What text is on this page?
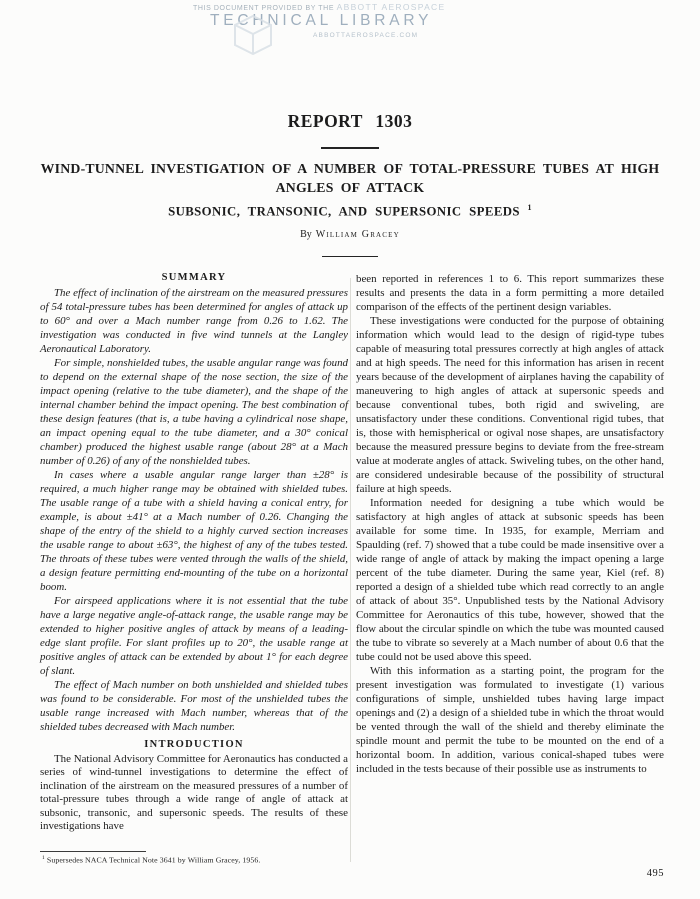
THIS DOCUMENT PROVIDED BY THE ABBOTT AEROSPACE
TECHNICAL LIBRARY
ABBOTTAEROSPACE.COM
REPORT 1303
WIND-TUNNEL INVESTIGATION OF A NUMBER OF TOTAL-PRESSURE TUBES AT HIGH
ANGLES OF ATTACK
SUBSONIC, TRANSONIC, AND SUPERSONIC SPEEDS $^1$
By William Gracey
SUMMARY

The effect of inclination of the airstream on the measured pressures of 54 total-pressure tubes has been determined for angles of attack up to 60° and over a Mach number range from 0.26 to 1.62. The investigation was conducted in five wind tunnels at the Langley Aeronautical Laboratory.

For simple, nonshielded tubes, the usable angular range was found to depend on the external shape of the nose section, the size of the impact opening (relative to the tube diameter), and the shape of the internal chamber behind the impact opening. The best combination of these design features (that is, a tube having a cylindrical nose shape, an impact opening equal to the tube diameter, and a 30° conical chamber) produced the highest usable range (about 28° at a Mach number of 0.26) of any of the nonshielded tubes.

In cases where a usable angular range larger than ±28° is required, a much higher range may be obtained with shielded tubes. The usable range of a tube with a shield having a conical entry, for example, is about ±41° at a Mach number of 0.26. Changing the shape of the entry of the shield to a highly curved section increases the usable range to about ±63°, the highest of any of the tubes tested. The throats of these tubes were vented through the walls of the shield, a design feature permitting end-mounting of the tube on a horizontal boom.

For airspeed applications where it is not essential that the tube have a large negative angle-of-attack range, the usable range may be extended to higher positive angles of attack by means of a leading-edge slant profile. For slant profiles up to 20°, the usable range at positive angles of attack can be extended by about 1° for each degree of slant.

The effect of Mach number on both unshielded and shielded tubes was found to be considerable. For most of the unshielded tubes the usable range increased with Mach number, whereas that of the shielded tubes decreased with Mach number.

INTRODUCTION

The National Advisory Committee for Aeronautics has conducted a series of wind-tunnel investigations to determine the effect of inclination of the airstream on the measured pressures of a number of total-pressure tubes through a wide range of angle of attack at subsonic, transonic, and supersonic speeds. The results of these investigations have

been reported in references 1 to 6. This report summarizes these results and presents the data in a form permitting a more detailed comparison of the effects of the pertinent design variables.

These investigations were conducted for the purpose of obtaining information which would lead to the design of rigid-type tubes capable of measuring total pressures correctly at high angles of attack and at high speeds. The need for this information has arisen in recent years because of the development of airplanes having the capability of maneuvering to high angles of attack at supersonic speeds and because conventional tubes, both rigid and swiveling, are unsatisfactory under these conditions. Conventional rigid tubes, that is, those with hemispherical or ogival nose shapes, are unsatisfactory because the measured pressure begins to deviate from the free-stream value at moderate angles of attack. Swiveling tubes, on the other hand, are considered undesirable because of the possibility of structural failure at high speeds.

Information needed for designing a tube which would be satisfactory at high angles of attack at subsonic speeds has been available for some time. In 1935, for example, Merriam and Spaulding (ref. 7) showed that a tube could be made insensitive over a wide range of angle of attack by making the impact opening a large percent of the tube diameter. During the same year, Kiel (ref. 8) reported a design of a shielded tube which read correctly to an angle of attack of about 35°. Unpublished tests by the National Advisory Committee for Aeronautics of this tube, however, showed that the flow about the circular spindle on which the tube was mounted caused the tube to vibrate so severely at a Mach number of about 0.6 that the tube could not be used above this speed.

With this information as a starting point, the program for the present investigation was formulated to investigate (1) various configurations of simple, unshielded tubes having large impact openings and (2) a design of a shielded tube in which the throat would be vented through the wall of the shield and thereby eliminate the spindle mount and permit the tube to be mounted on the end of a horizontal boom. In addition, various conical-shaped tubes were included in the tests because of their possible use as instruments to

$^1$ Supersedes NACA Technical Note 3641 by William Gracey, 1956.
495
